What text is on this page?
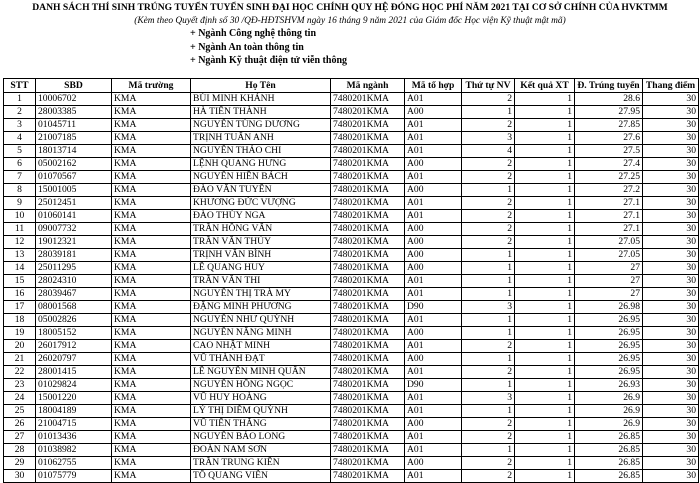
DANH SÁCH THÍ SINH TRÚNG TUYỂN TUYỂN SINH ĐẠI HỌC CHÍNH QUY HỆ ĐÓNG HỌC PHÍ NĂM 2021 TẠI CƠ SỞ CHÍNH CỦA HVKTMM
(Kèm theo Quyết định số 30 /QĐ-HĐTSHVM ngày 16 tháng 9 năm 2021 của Giám đốc Học viện Kỹ thuật mật mã)
+ Ngành Công nghệ thông tin
+ Ngành An toàn thông tin
+ Ngành Kỹ thuật điện tử viễn thông
STT	SBD	Mã trường	Họ Tên	Mã ngành	Mã tổ hợp	Thứ tự NV	Kết quả XT	Đ. Trúng tuyển	Thang điểm
1	10006702	KMA	BÙI MINH KHÁNH	7480201KMA	A01	2	1	28.6	30
2	28003385	KMA	HÀ TIẾN THÀNH	7480201KMA	A00	1	1	27.95	30
3	01045711	KMA	NGUYỄN TÙNG DƯƠNG	7480201KMA	A01	2	1	27.85	30
4	21007185	KMA	TRỊNH TUẤN ANH	7480201KMA	A01	3	1	27.6	30
5	18013714	KMA	NGUYỄN THẢO CHI	7480201KMA	A01	4	1	27.5	30
6	05002162	KMA	LỆNH QUANG HƯNG	7480201KMA	A00	2	1	27.4	30
7	01070567	KMA	NGUYỄN HIỀN BÁCH	7480201KMA	A01	2	1	27.25	30
8	15001005	KMA	ĐÀO VĂN TUYÊN	7480201KMA	A00	1	1	27.2	30
9	25012451	KMA	KHƯƠNG ĐỨC VƯỢNG	7480201KMA	A01	2	1	27.1	30
10	01060141	KMA	ĐÀO THÙY NGA	7480201KMA	A01	2	1	27.1	30
11	09007732	KMA	TRẦN HỒNG VÂN	7480201KMA	A00	2	1	27.1	30
12	19012321	KMA	TRẦN VĂN THỦY	7480201KMA	A00	2	1	27.05	30
13	28039181	KMA	TRỊNH VĂN BÌNH	7480201KMA	A00	1	1	27.05	30
14	25011295	KMA	LÊ QUANG HUY	7480201KMA	A00	1	1	27	30
15	28024310	KMA	TRẦN VĂN THI	7480201KMA	A01	1	1	27	30
16	28039467	KMA	NGUYỄN THỊ TRÀ MY	7480201KMA	A01	1	1	27	30
17	08001568	KMA	ĐẶNG MINH PHƯƠNG	7480201KMA	D90	3	1	26.98	30
18	05002826	KMA	NGUYỄN NHƯ QUỲNH	7480201KMA	A01	1	1	26.95	30
19	18005152	KMA	NGUYỄN NĂNG MINH	7480201KMA	A00	1	1	26.95	30
20	26017912	KMA	CAO NHẬT MINH	7480201KMA	A01	2	1	26.95	30
21	26020797	KMA	VŨ THÀNH ĐẠT	7480201KMA	A00	1	1	26.95	30
22	28001415	KMA	LÊ NGUYỄN MINH QUÂN	7480201KMA	A01	2	1	26.95	30
23	01029824	KMA	NGUYỄN HỒNG NGỌC	7480201KMA	D90	1	1	26.93	30
24	15001220	KMA	VŨ HUY HOÀNG	7480201KMA	A01	3	1	26.9	30
25	18004189	KMA	LÝ THỊ DIỄM QUỲNH	7480201KMA	A01	1	1	26.9	30
26	21004715	KMA	VŨ TIẾN THẮNG	7480201KMA	A00	2	1	26.9	30
27	01013436	KMA	NGUYỄN BẢO LONG	7480201KMA	A01	2	1	26.85	30
28	01038982	KMA	ĐOÀN NAM SƠN	7480201KMA	A01	1	1	26.85	30
29	01062755	KMA	TRẦN TRUNG KIÊN	7480201KMA	A00	2	1	26.85	30
30	01075779	KMA	TÔ QUANG VIỄN	7480201KMA	A01	2	1	26.85	30
